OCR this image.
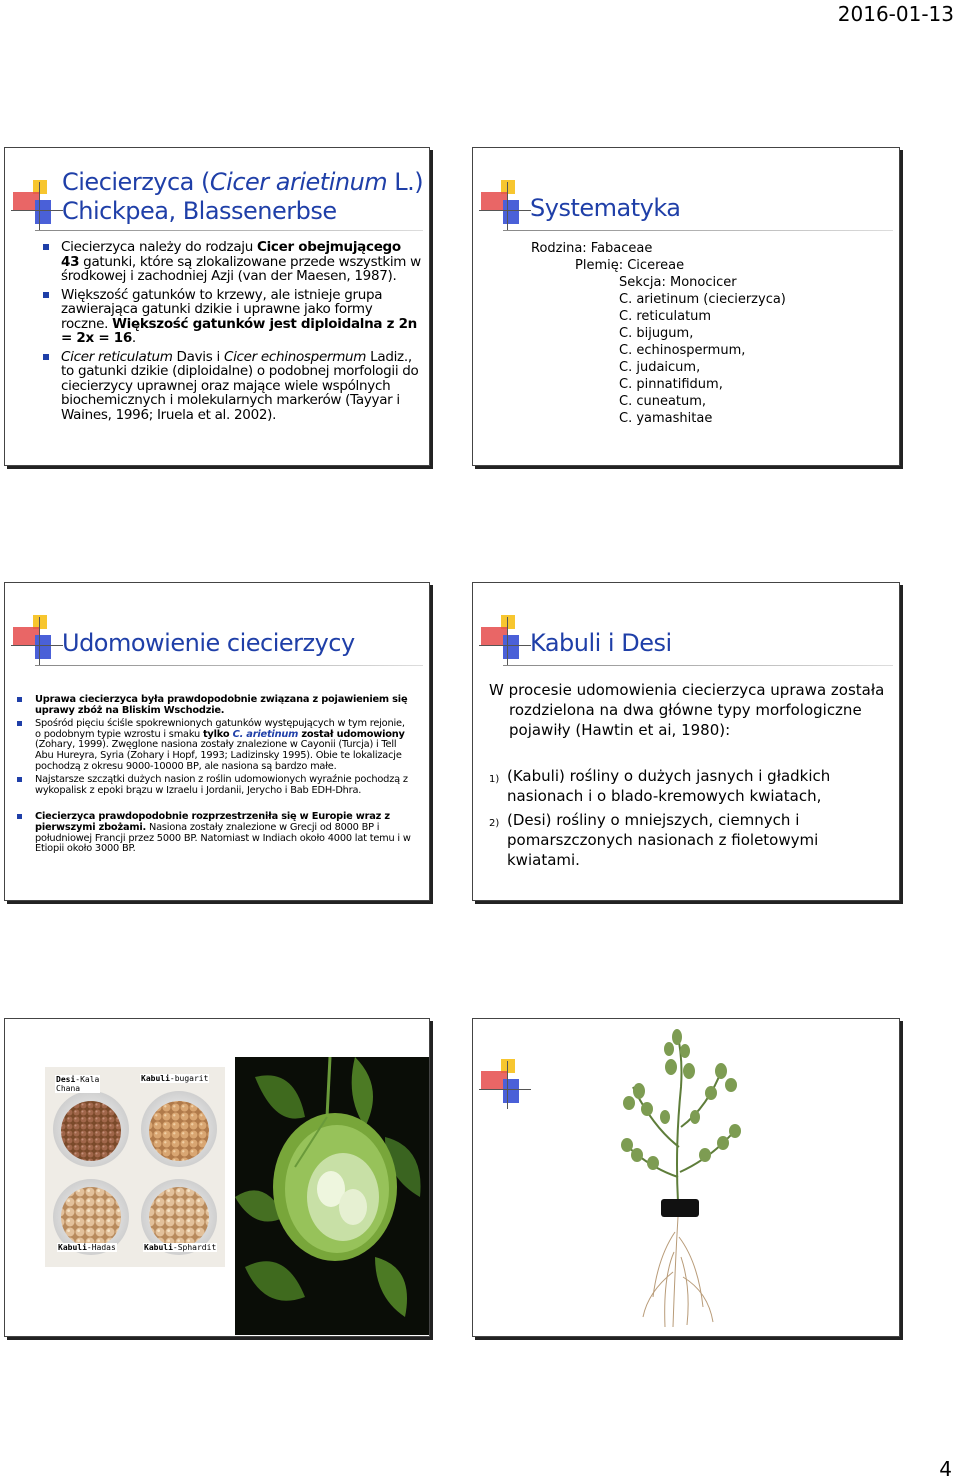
2016-01-13
Ciecierzyca (Cicer arietinum L.)
Chickpea, Blassenerbse
Ciecierzyca należy do rodzaju Cicer obejmującego 43 gatunki, które są zlokalizowane przede wszystkim w środkowej i zachodniej Azji (van der Maesen, 1987).
Większość gatunków to krzewy, ale istnieje grupa zawierająca gatunki dzikie i uprawne jako formy roczne. Większość gatunków jest diploidalna z 2n = 2x = 16.
Cicer reticulatum Davis i Cicer echinospermum Ladiz., to gatunki dzikie (diploidalne) o podobnej morfologii do ciecierzycy uprawnej oraz mające wiele wspólnych biochemicznych i molekularnych markerów (Tayyar i Waines, 1996; Iruela et al. 2002).
Systematyka
Rodzina: Fabaceae
Plemię: Cicereae
Sekcja: Monocicer
C. arietinum (ciecierzyca)
C. reticulatum
C. bijugum,
C. echinospermum,
C. judaicum,
C. pinnatifidum,
C. cuneatum,
C. yamashitae
Udomowienie ciecierzycy
Uprawa ciecierzyca była prawdopodobnie związana z pojawieniem się uprawy zbóż na Bliskim Wschodzie.
Spośród pięciu ściśle spokrewnionych gatunków występujących w tym rejonie, o podobnym typie wzrostu i smaku tylko C. arietinum został udomowiony (Zohary, 1999). Zwęglone nasiona zostały znalezione w Cayonii (Turcja) i Tell Abu Hureyra, Syria (Zohary i Hopf, 1993; Ladizinsky 1995). Obie te lokalizacje pochodzą z okresu 9000-10000 BP, ale nasiona są bardzo małe.
Najstarsze szczątki dużych nasion z roślin udomowionych wyraźnie pochodzą z wykopalisk z epoki brązu w Izraelu i Jordanii, Jerycho i Bab EDH-Dhra.
Ciecierzyca prawdopodobnie rozprzestrzeniła się w Europie wraz z pierwszymi zbożami. Nasiona zostały znalezione w Grecji od 8000 BP i południowej Francji przez 5000 BP. Natomiast w Indiach około 4000 lat temu i w Etiopii około 3000 BP.
Kabuli i Desi

W procesie udomowienia ciecierzyca uprawa została rozdzielona na dwa główne typy morfologiczne pojawiły (Hawtin et ai, 1980):

1) (Kabuli) rośliny o dużych jasnych i gładkich nasionach i o blado-kremowych kwiatach,

2) (Desi) rośliny o mniejszych, ciemnych i pomarszczonych nasionach z fioletowymi kwiatami.

Desi-Kala
Chana
Kabuli-bugarit
Kabuli-Hadas	Kabuli-Sphardit
4
